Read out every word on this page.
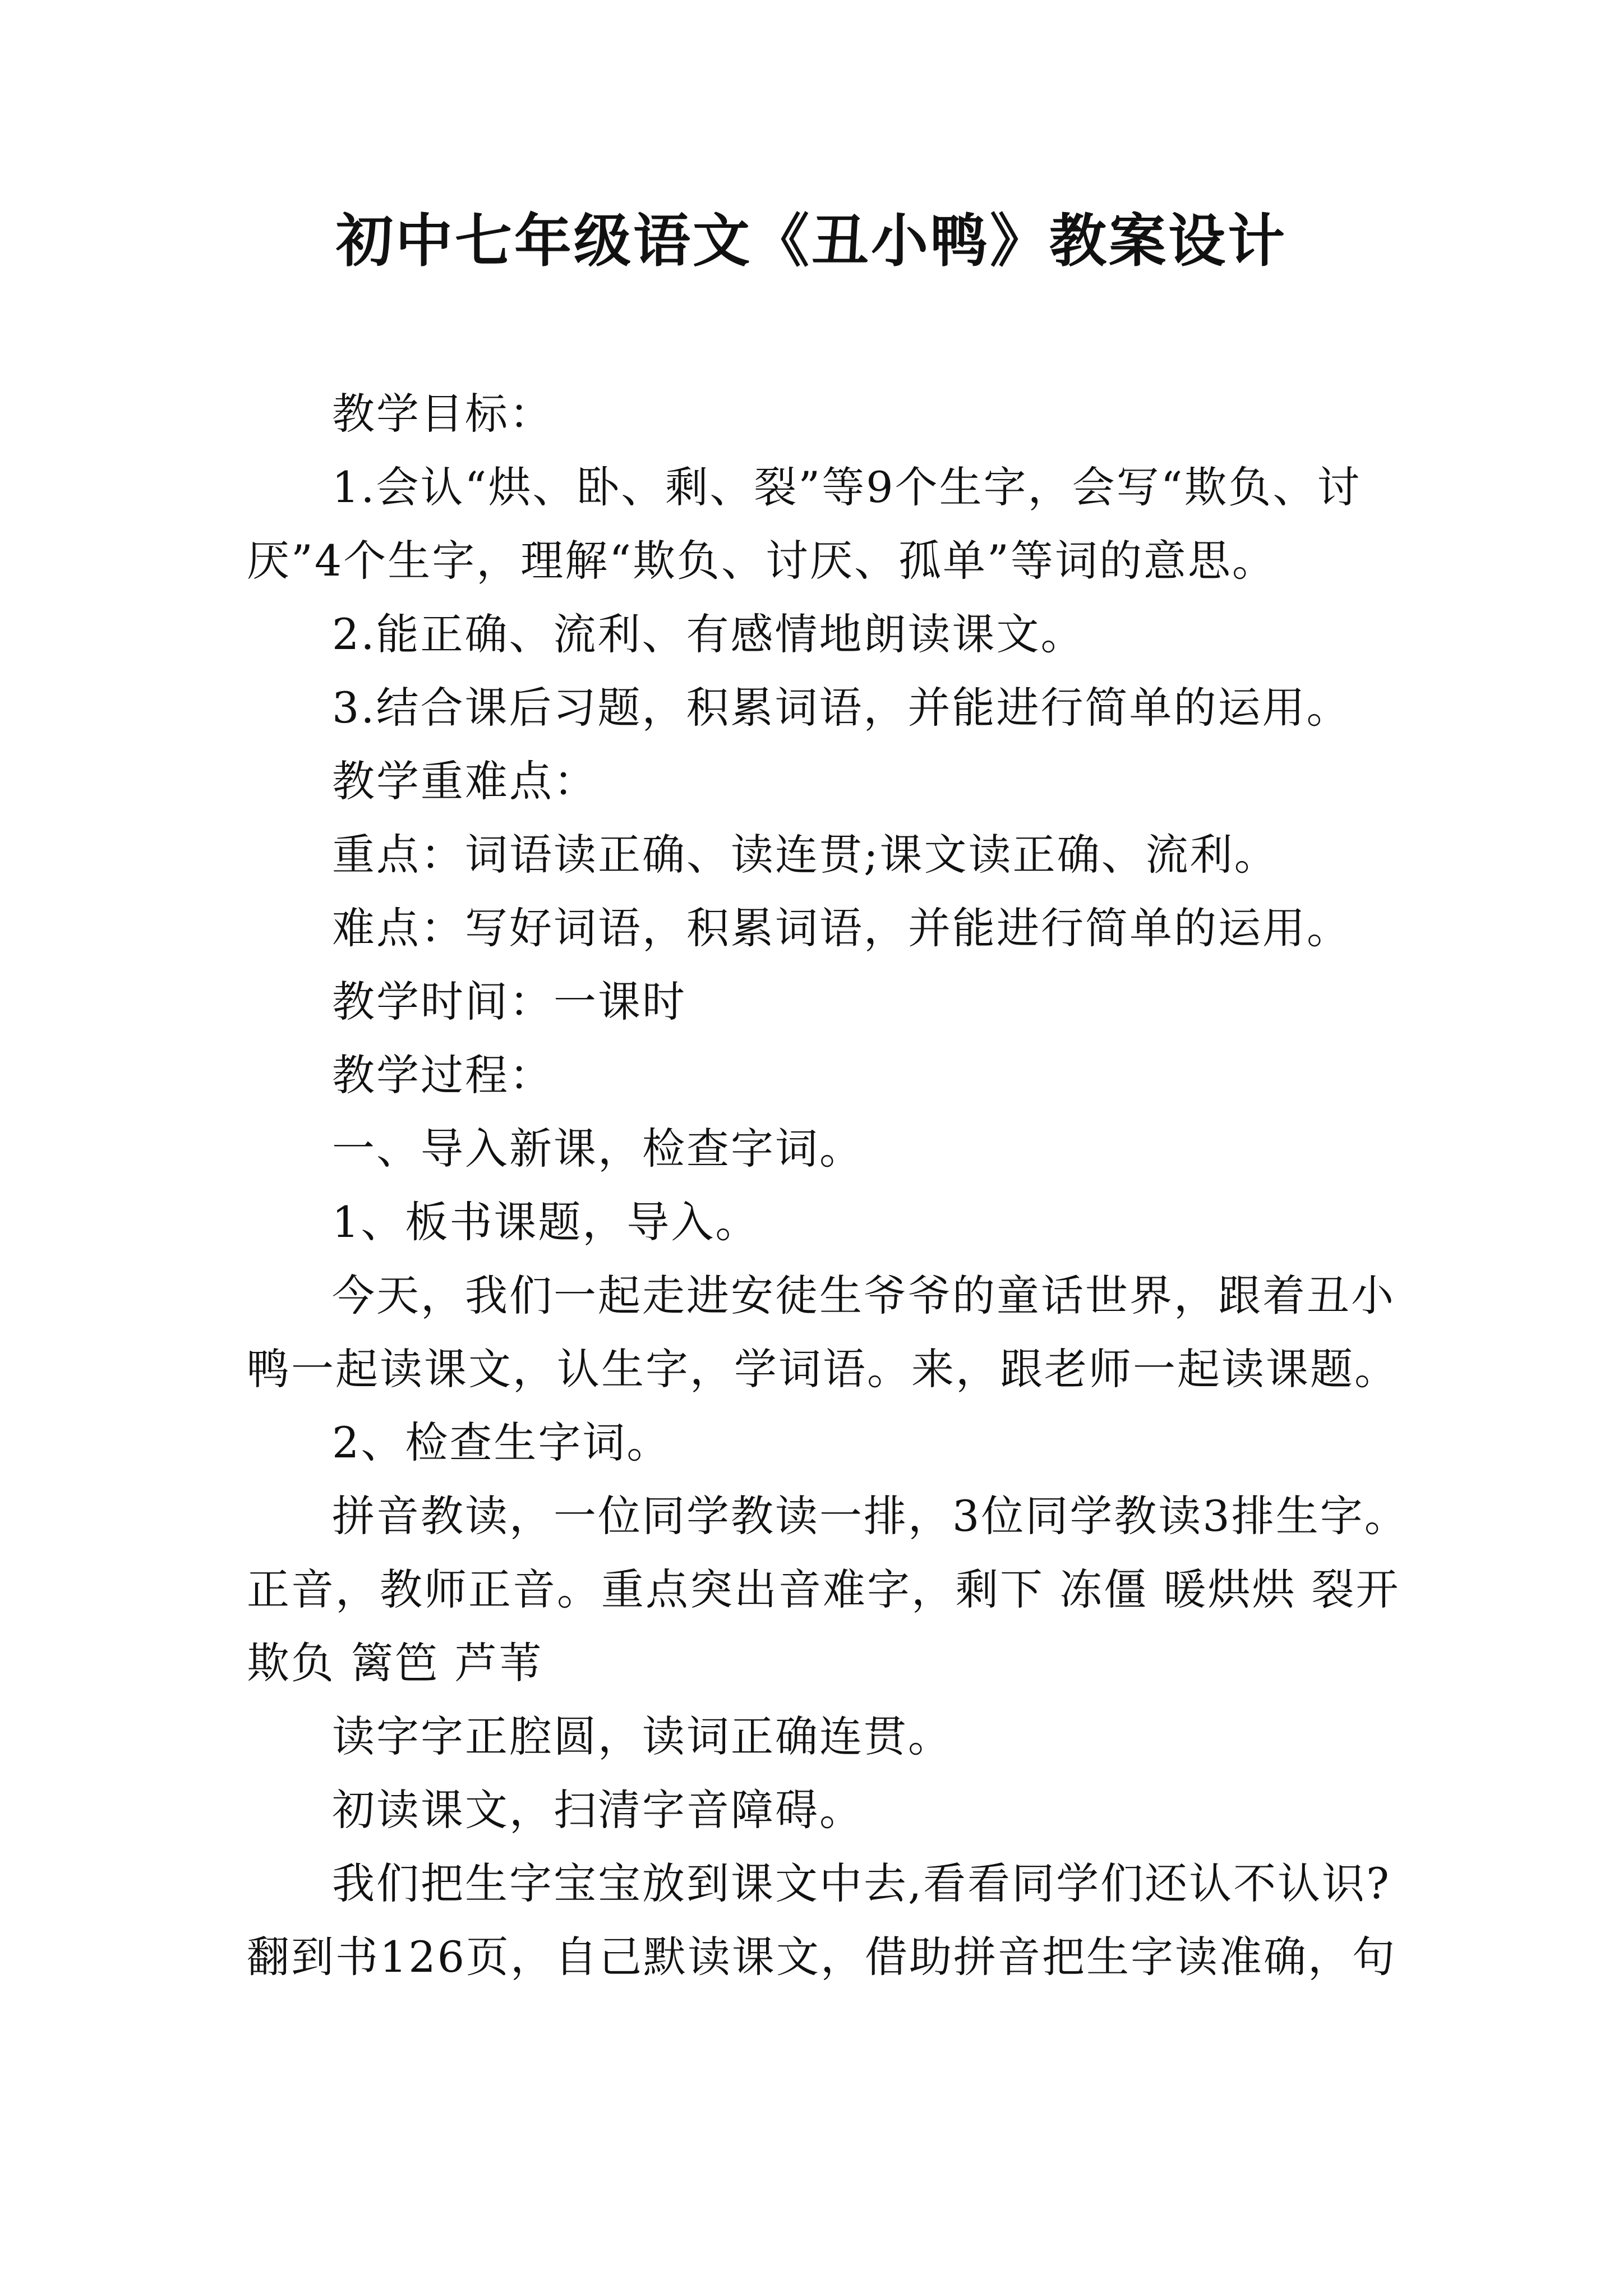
初中七年级语文《丑小鸭》教案设计

教学目标：

1.会认“烘、卧、剩、裂”等9个生字，会写“欺负、讨厌”4个生字，理解“欺负、讨厌、孤单”等词的意思。

2.能正确、流利、有感情地朗读课文。

3.结合课后习题，积累词语，并能进行简单的运用。

教学重难点：

重点：词语读正确、读连贯;课文读正确、流利。

难点：写好词语，积累词语，并能进行简单的运用。

教学时间：一课时

教学过程：

一、导入新课，检查字词。

1、板书课题，导入。

今天，我们一起走进安徒生爷爷的童话世界，跟着丑小鸭一起读课文，认生字，学词语。来，跟老师一起读课题。

2、检查生字词。

拼音教读，一位同学教读一排，3位同学教读3排生字。正音，教师正音。重点突出音难字，剩下 冻僵 暖烘烘 裂开 欺负 篱笆 芦苇

读字字正腔圆，读词正确连贯。

初读课文，扫清字音障碍。

我们把生字宝宝放到课文中去,看看同学们还认不认识?翻到书126页，自己默读课文，借助拼音把生字读准确，句
